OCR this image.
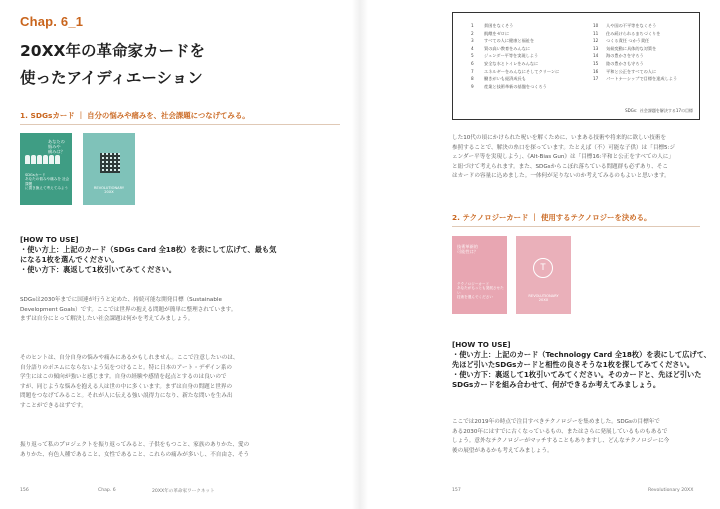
Chap. 6_1
20XX年の革命家カードを
使ったアイディエーション
1. SDGsカード ｜ 自分の悩みや痛みを、社会課題につなげてみる。
あなたの
悩みや
痛みは？
SDGsカード
あなたの悩みや痛みを 社会課題
に置き換えて考えてみよう	REVOLUTIONARY
20XX
[HOW TO USE]
・使い方上：上記のカード（SDGs Card 全18枚）を表にして広げて、最も気
になる1枚を選んでください。
・使い方下：裏返して1枚引いてみてください。
SDGsは2030年までに国連が行うと定めた、持続可能な開発目標（Sustainable
Development Goals）です。ここでは世界の抱える問題が簡単に整理されています。
まずは自分にとって解決したい社会課題は何かを考えてみましょう。
そのヒントは、自分自身の悩みや痛みにあるかもしれません。ここで注意したいのは、
自分語りのポエムにならないよう気をつけること。特に日本のアート・デザイン系の
学生にはこの傾向が強いと感じます。自身の経験や感情を起点とするのは良いので
すが、同じような悩みを抱える人は世の中に多くいます。まずは自身の問題と世界の
問題をつなげてみること。それが人に伝える強い説得力になり、新たな問いを生み出
すことができるはずです。
振り返って私のプロジェクトを振り返ってみると、子供をもつこと、家族のありかた、愛の
ありかた、有色人種であること、女性であること、これらの痛みが多いし、不自由さ、そう
156	Chap. 6	20XX年の革命家ワークネット
1	貧困をなくそう
2	飢餓をゼロに
3	すべての人に健康と福祉を
4	質の高い教育をみんなに
5	ジェンダー平等を実現しよう
6	安全な水とトイレをみんなに
7	エネルギーをみんなにそしてクリーンに
8	働きがいも経済成長も
9	産業と技術革新の基盤をつくろう
10	人や国の不平等をなくそう
11	住み続けられるまちづくりを
12	つくる責任 つかう責任
13	気候変動に具体的な対策を
14	海の豊かさを守ろう
15	陸の豊かさも守ろう
16	平和と公正をすべての人に
17	パートナーシップで目標を達成しよう
SDGs：社会課題を解決する17の目標
した10代の頃にかけられた呪いを解くために、いまある技術や将来的に欲しい技術を
参照することで、解決の糸口を探っています。たとえば（不）可能な子供）は「目標5:ジ
ェンダー平等を実現しよう」、《Alt-Bias Gun》は「目標16:平和と公正をすべての人に」
と紐づけて考えられます。また、SDGsからこぼれ落ちている問題群も必ずあり、そこ
はカードの容量に込めました。一体何が足りないのか考えてみるのもよいと思います。
2. テクノロジーカード ｜ 使用するテクノロジーを決める。
技術革新的
可能性は？
テクノロジーカード
あなたがもっとも発展させたい
技術を選んでください
T
REVOLUTIONARY
20XX
[HOW TO USE]
・使い方上：上記のカード（Technology Card 全18枚）を表にして広げて、
先ほど引いたSDGsカードと相性の良さそうな1枚を探してみてください。
・使い方下：裏返して1枚引いてみてください。そのカードと、先ほど引いた
SDGsカードを組み合わせて、何ができるか考えてみましょう。
ここでは2019年の時点で注目すべきテクノロジーを集めました。SDGsの目標年で
ある2030年にはすでに古くなっているもの、またはさらに発展しているものもあるで
しょう。意外なテクノロジーがマッチすることもありますし、どんなテクノロジーに今
後の展望があるかも考えてみましょう。
157	Revolutionary 20XX
